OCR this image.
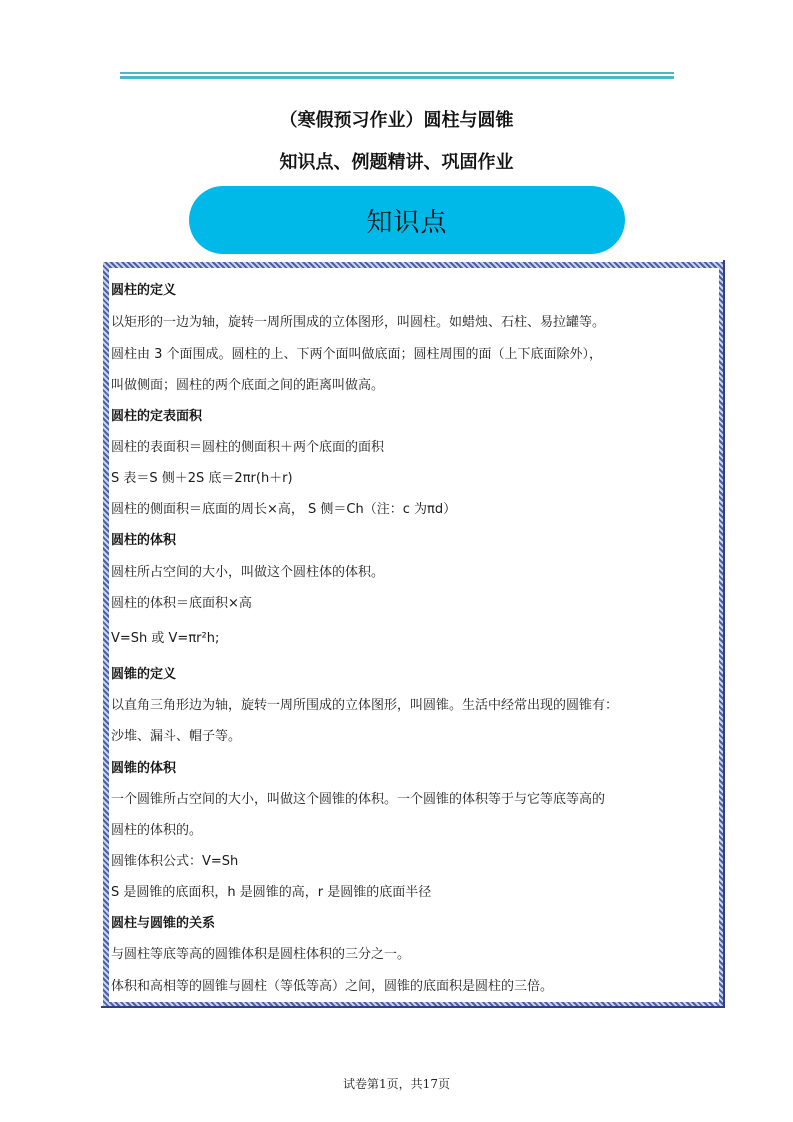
（寒假预习作业）圆柱与圆锥
知识点、例题精讲、巩固作业
知识点
圆柱的定义
以矩形的一边为轴，旋转一周所围成的立体图形，叫圆柱。如蜡烛、石柱、易拉罐等。
圆柱由 3 个面围成。圆柱的上、下两个面叫做底面；圆柱周围的面（上下底面除外），
叫做侧面；圆柱的两个底面之间的距离叫做高。
圆柱的定表面积
圆柱的表面积＝圆柱的侧面积＋两个底面的面积
S 表＝S 侧＋2S 底＝2πr(h＋r)
圆柱的侧面积＝底面的周长×高， S 侧＝Ch（注：c 为πd）
圆柱的体积
圆柱所占空间的大小，叫做这个圆柱体的体积。
圆柱的体积＝底面积×高
V=Sh 或 V=πr²h;
圆锥的定义
以直角三角形边为轴，旋转一周所围成的立体图形，叫圆锥。生活中经常出现的圆锥有：
沙堆、漏斗、帽子等。
圆锥的体积
一个圆锥所占空间的大小，叫做这个圆锥的体积。一个圆锥的体积等于与它等底等高的
圆柱的体积的。
圆锥体积公式：V=Sh
S 是圆锥的底面积，h 是圆锥的高，r 是圆锥的底面半径
圆柱与圆锥的关系
与圆柱等底等高的圆锥体积是圆柱体积的三分之一。
体积和高相等的圆锥与圆柱（等低等高）之间，圆锥的底面积是圆柱的三倍。
试卷第1页，共17页
